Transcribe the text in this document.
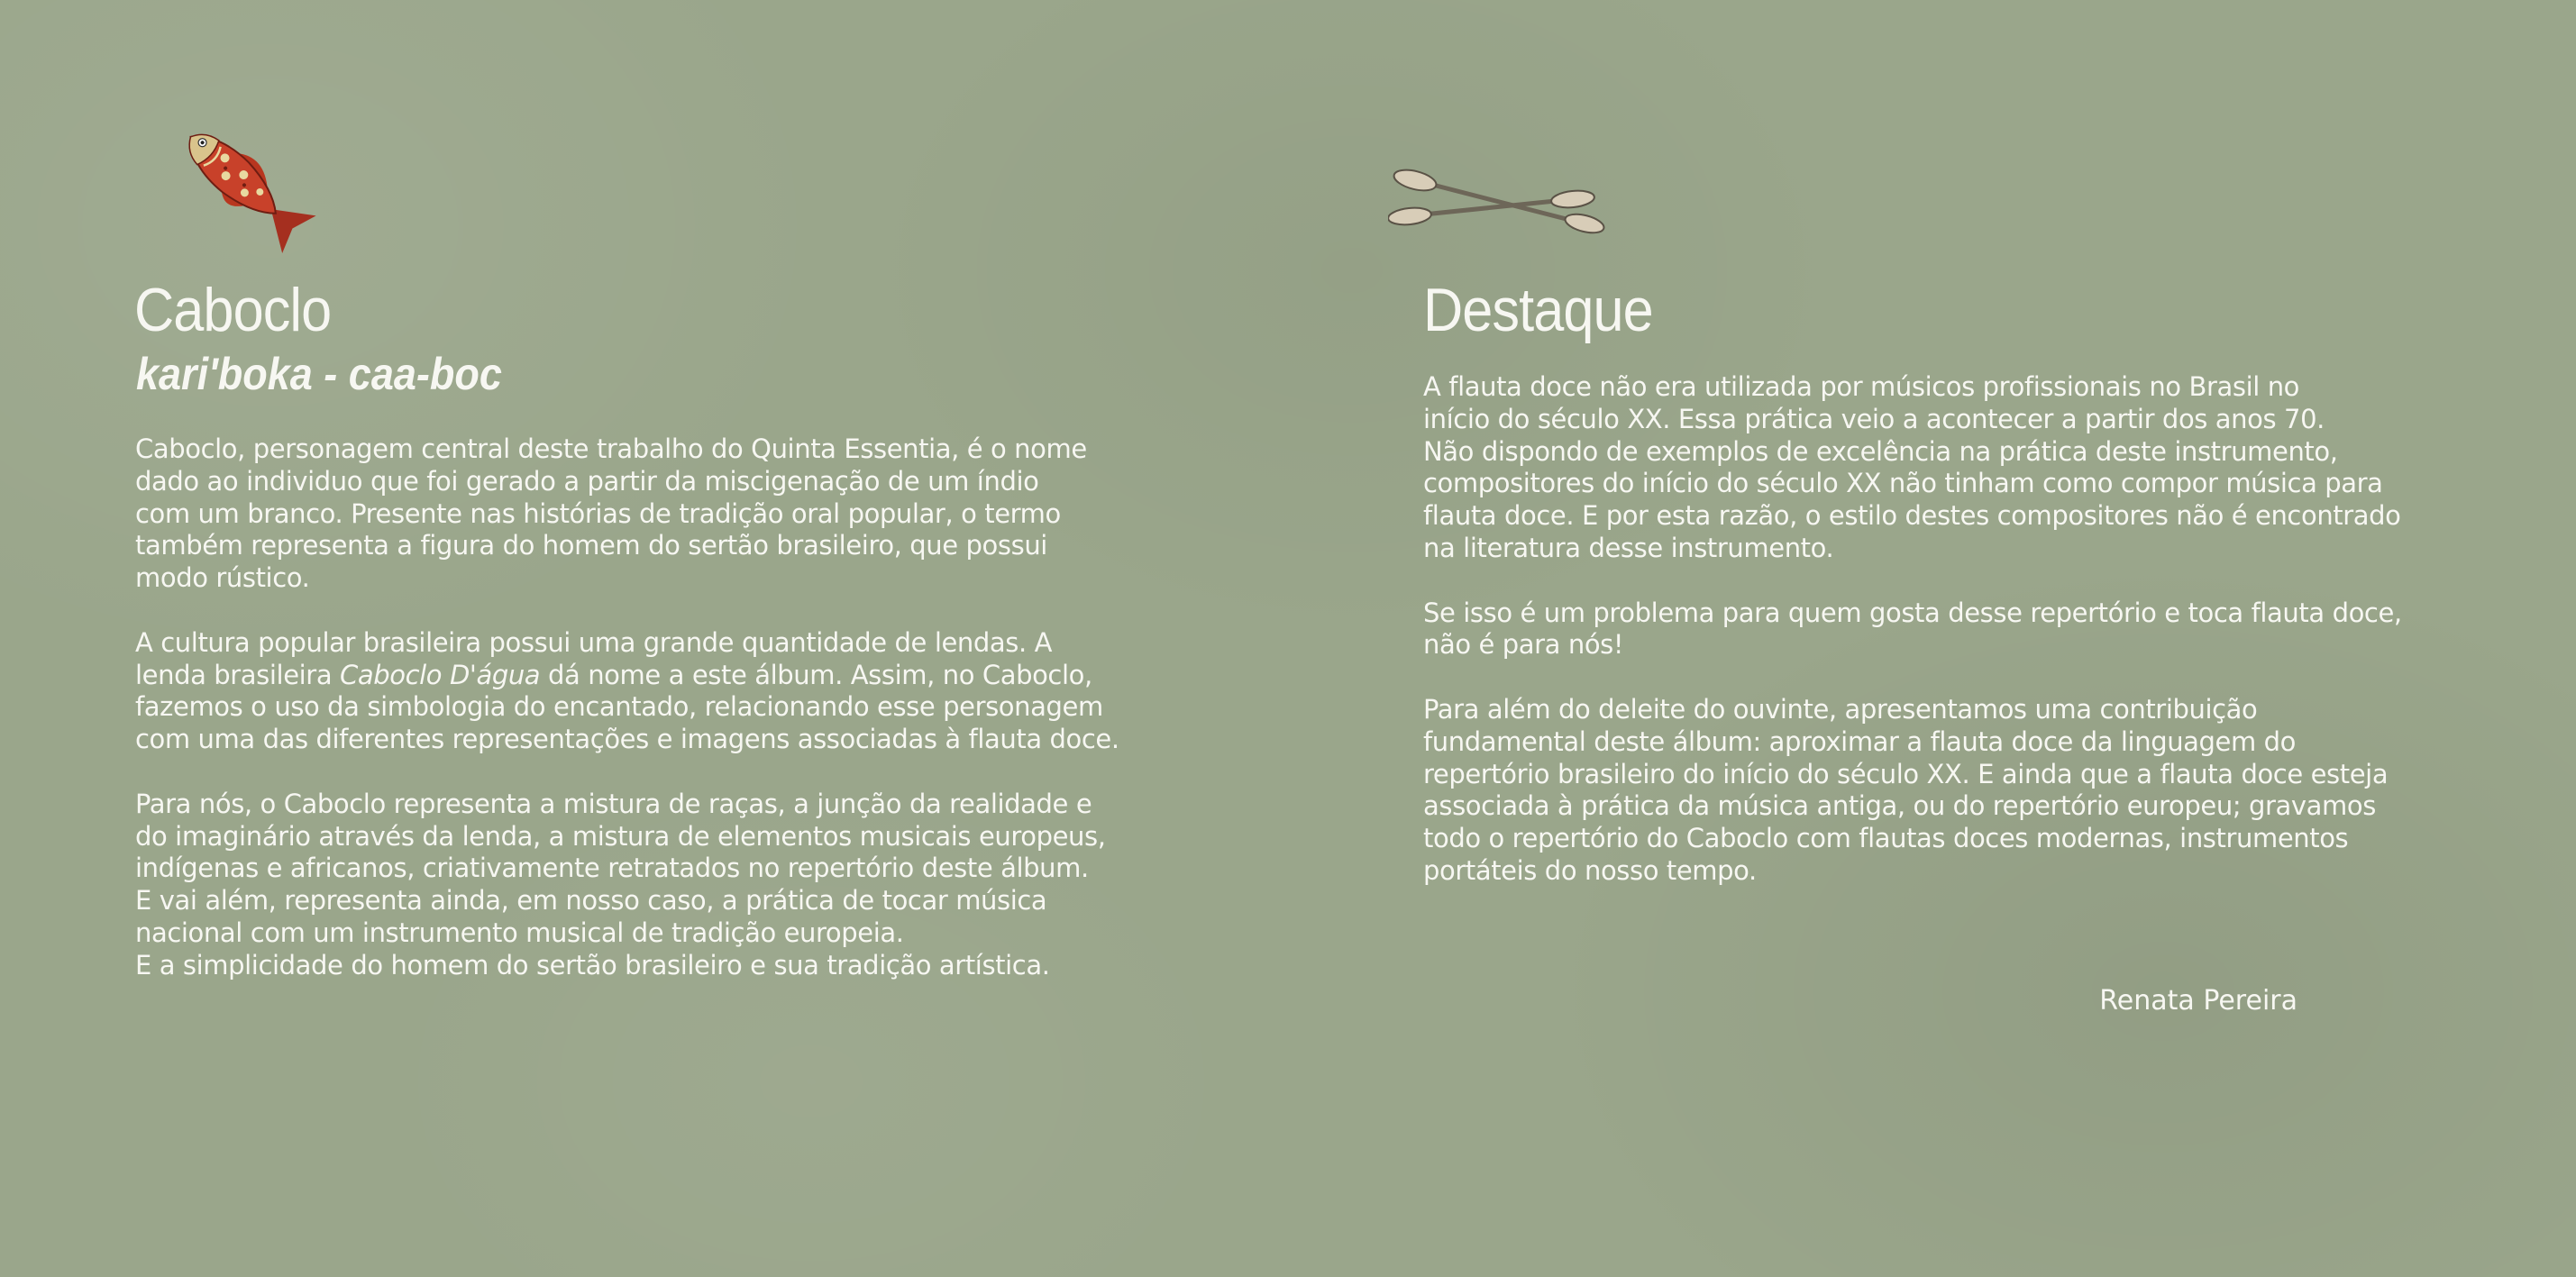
Caboclo
kari'boka - caa-boc

Caboclo, personagem central deste trabalho do Quinta Essentia, é o nome
dado ao individuo que foi gerado a partir da miscigenação de um índio
com um branco. Presente nas histórias de tradição oral popular, o termo
também representa a figura do homem do sertão brasileiro, que possui
modo rústico.

A cultura popular brasileira possui uma grande quantidade de lendas. A
lenda brasileira Caboclo D'água dá nome a este álbum. Assim, no Caboclo,
fazemos o uso da simbologia do encantado, relacionando esse personagem
com uma das diferentes representações e imagens associadas à flauta doce.

Para nós, o Caboclo representa a mistura de raças, a junção da realidade e
do imaginário através da lenda, a mistura de elementos musicais europeus,
indígenas e africanos, criativamente retratados no repertório deste álbum.
E vai além, representa ainda, em nosso caso, a prática de tocar música
nacional com um instrumento musical de tradição europeia.
E a simplicidade do homem do sertão brasileiro e sua tradição artística.

Destaque

A flauta doce não era utilizada por músicos profissionais no Brasil no
início do século XX. Essa prática veio a acontecer a partir dos anos 70.
Não dispondo de exemplos de excelência na prática deste instrumento,
compositores do início do século XX não tinham como compor música para
flauta doce. E por esta razão, o estilo destes compositores não é encontrado
na literatura desse instrumento.

Se isso é um problema para quem gosta desse repertório e toca flauta doce,
não é para nós!

Para além do deleite do ouvinte, apresentamos uma contribuição
fundamental deste álbum: aproximar a flauta doce da linguagem do
repertório brasileiro do início do século XX. E ainda que a flauta doce esteja
associada à prática da música antiga, ou do repertório europeu; gravamos
todo o repertório do Caboclo com flautas doces modernas, instrumentos
portáteis do nosso tempo.

Renata Pereira
